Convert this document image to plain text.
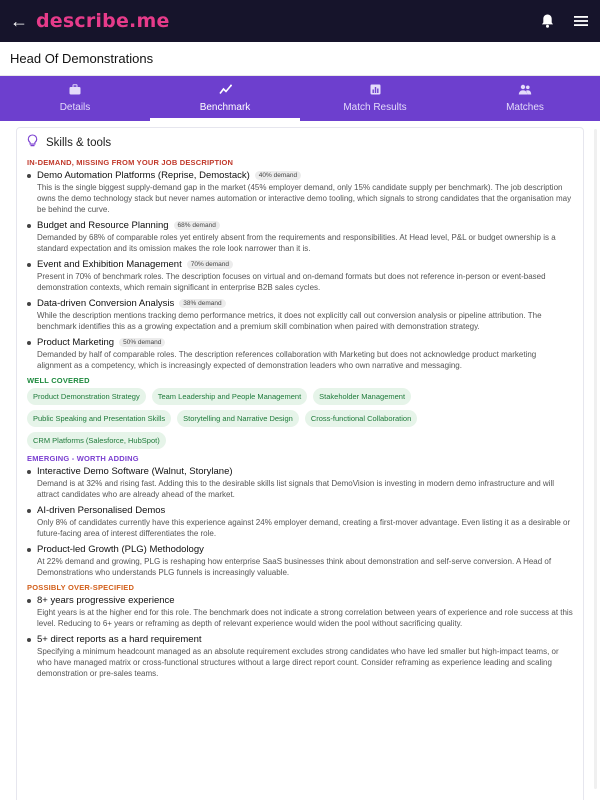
← describe.me
Head Of Demonstrations
Details	Benchmark	Match Results	Matches
Skills & tools
IN-DEMAND, MISSING FROM YOUR JOB DESCRIPTION
Demo Automation Platforms (Reprise, Demostack)	40% demand
This is the single biggest supply-demand gap in the market (45% employer demand, only 15% candidate supply per benchmark). The job description owns the demo technology stack but never names automation or interactive demo tooling, which signals to strong candidates that the organisation may be behind the curve.
Budget and Resource Planning	68% demand
Demanded by 68% of comparable roles yet entirely absent from the requirements and responsibilities. At Head level, P&L or budget ownership is a standard expectation and its omission makes the role look narrower than it is.
Event and Exhibition Management	70% demand
Present in 70% of benchmark roles. The description focuses on virtual and on-demand formats but does not reference in-person or event-based demonstration contexts, which remain significant in enterprise B2B sales cycles.
Data-driven Conversion Analysis	38% demand
While the description mentions tracking demo performance metrics, it does not explicitly call out conversion analysis or pipeline attribution. The benchmark identifies this as a growing expectation and a premium skill combination when paired with demonstration strategy.
Product Marketing	50% demand
Demanded by half of comparable roles. The description references collaboration with Marketing but does not acknowledge product marketing alignment as a competency, which is increasingly expected of demonstration leaders who own narrative and messaging.
WELL COVERED
Product Demonstration Strategy	Team Leadership and People Management	Stakeholder Management
Public Speaking and Presentation Skills	Storytelling and Narrative Design	Cross-functional Collaboration
CRM Platforms (Salesforce, HubSpot)
EMERGING - WORTH ADDING
Interactive Demo Software (Walnut, Storylane)
Demand is at 32% and rising fast. Adding this to the desirable skills list signals that DemoVision is investing in modern demo infrastructure and will attract candidates who are already ahead of the market.
AI-driven Personalised Demos
Only 8% of candidates currently have this experience against 24% employer demand, creating a first-mover advantage. Even listing it as a desirable or future-facing area of interest differentiates the role.
Product-led Growth (PLG) Methodology
At 22% demand and growing, PLG is reshaping how enterprise SaaS businesses think about demonstration and self-serve conversion. A Head of Demonstrations who understands PLG funnels is increasingly valuable.
POSSIBLY OVER-SPECIFIED
8+ years progressive experience
Eight years is at the higher end for this role. The benchmark does not indicate a strong correlation between years of experience and role success at this level. Reducing to 6+ years or reframing as depth of relevant experience would widen the pool without sacrificing quality.
5+ direct reports as a hard requirement
Specifying a minimum headcount managed as an absolute requirement excludes strong candidates who have led smaller but high-impact teams, or who have managed matrix or cross-functional structures without a large direct report count. Consider reframing as experience leading and scaling demonstration or pre-sales teams.
